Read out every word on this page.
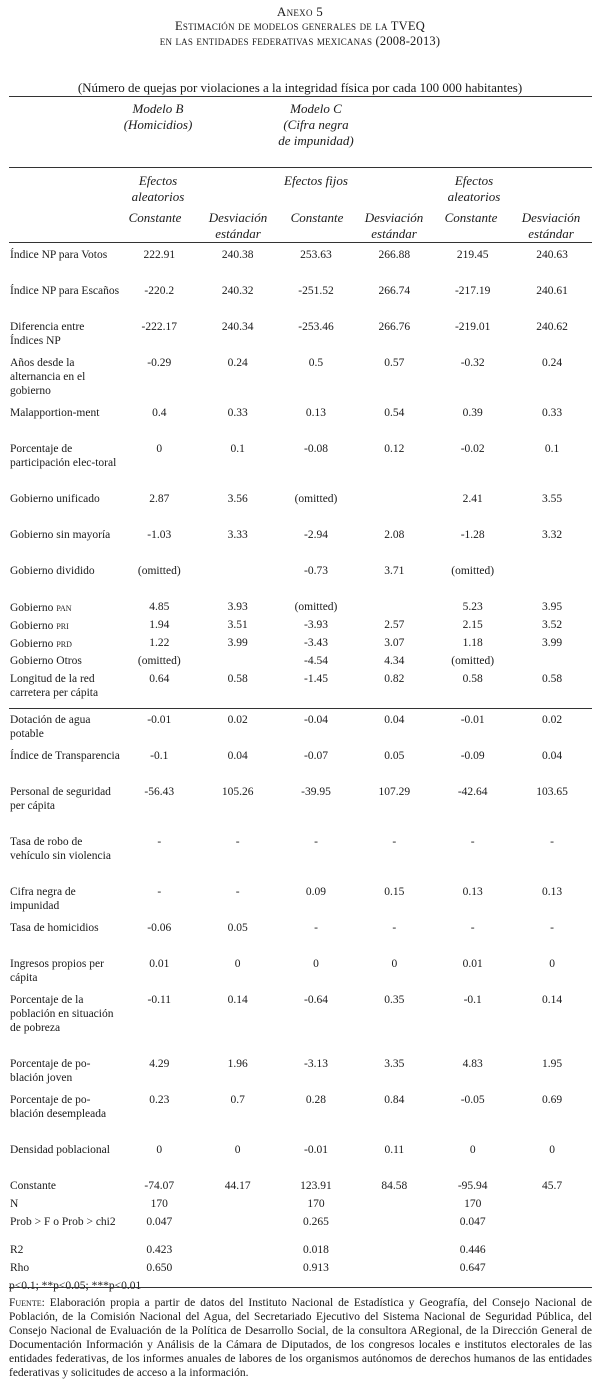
Anexo 5
Estimación de modelos generales de la TVEQ
en las entidades federativas mexicanas (2008-2013)
(Número de quejas por violaciones a la integridad física por cada 100 000 habitantes)
Modelo B (Homicidios)
Modelo C (Cifra negra de impunidad)
Efectos aleatorios
Efectos fijos	Efectos aleatorios
Constante	Desviación estándar
Constante	Desviación estándar
Constante	Desviación estándar
Índice NP para Votos	222.91	240.38	253.63	266.88	219.45	240.63
Índice NP para Escaños	-220.2	240.32	-251.52	266.74	-217.19	240.61
Diferencia entre Índices NP	-222.17	240.34	-253.46	266.76	-219.01	240.62
Años desde la alternancia en el gobierno	-0.29	0.24	0.5	0.57	-0.32	0.24
Malapportion-ment	0.4	0.33	0.13	0.54	0.39	0.33
Porcentaje de participación elec-toral	0	0.1	-0.08	0.12	-0.02	0.1
Gobierno unificado	2.87	3.56	(omitted)		2.41	3.55
Gobierno sin mayoría	-1.03	3.33	-2.94	2.08	-1.28	3.32
Gobierno dividido	(omitted)		-0.73	3.71	(omitted)	
Gobierno pan	4.85	3.93	(omitted)		5.23	3.95
Gobierno pri	1.94	3.51	-3.93	2.57	2.15	3.52
Gobierno prd	1.22	3.99	-3.43	3.07	1.18	3.99
Gobierno Otros	(omitted)		-4.54	4.34	(omitted)	
Longitud de la red carretera per cápita	0.64	0.58	-1.45	0.82	0.58	0.58
Dotación de agua potable	-0.01	0.02	-0.04	0.04	-0.01	0.02
Índice de Transparencia	-0.1	0.04	-0.07	0.05	-0.09	0.04
Personal de seguridad per cápita	-56.43	105.26	-39.95	107.29	-42.64	103.65
Tasa de robo de vehículo sin violencia	-	-	-	-	-	-
Cifra negra de impunidad	-	-	0.09	0.15	0.13	0.13
Tasa de homicidios	-0.06	0.05	-	-	-	-
Ingresos propios per cápita	0.01	0	0	0	0.01	0
Porcentaje de la población en situación de pobreza	-0.11	0.14	-0.64	0.35	-0.1	0.14
Porcentaje de po-blación joven	4.29	1.96	-3.13	3.35	4.83	1.95
Porcentaje de po-blación desempleada	0.23	0.7	0.28	0.84	-0.05	0.69
Densidad poblacional	0	0	-0.01	0.11	0	0
Constante	-74.07	44.17	123.91	84.58	-95.94	45.7
N	170		170		170	
Prob > F o Prob > chi2	0.047		0.265		0.047	
R2	0.423		0.018		0.446	
Rho	0.650		0.913		0.647	
p<0.1; **p<0.05; ***p<0.01						
Fuente: Elaboración propia a partir de datos del Instituto Nacional de Estadística y Geografía, del Consejo Nacional de Población, de la Comisión Nacional del Agua, del Secretariado Ejecutivo del Sistema Nacional de Seguridad Pública, del Consejo Nacional de Evaluación de la Política de Desarrollo Social, de la consultora ARegional, de la Dirección General de Documentación Información y Análisis de la Cámara de Diputados, de los congresos locales e institutos electorales de las entidades federativas, de los informes anuales de labores de los organismos autónomos de derechos humanos de las entidades federativas y solicitudes de acceso a la información.
